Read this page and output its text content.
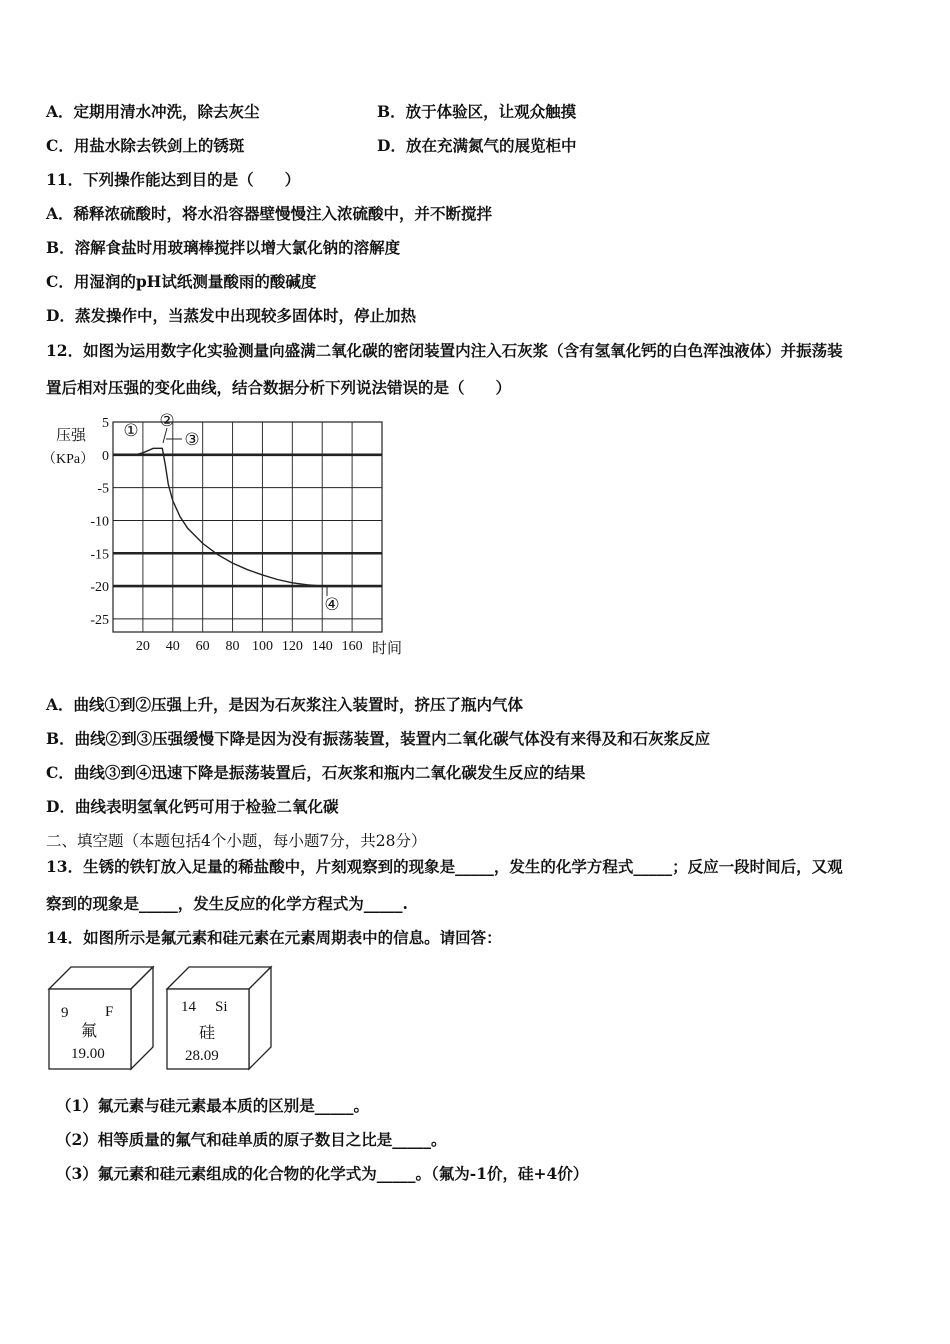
A．定期用清水冲洗，除去灰尘	B．放于体验区，让观众触摸
C．用盐水除去铁剑上的锈斑	D．放在充满氮气的展览柜中
11．下列操作能达到目的是（　　）
A．稀释浓硫酸时，将水沿容器壁慢慢注入浓硫酸中，并不断搅拌
B．溶解食盐时用玻璃棒搅拌以增大氯化钠的溶解度
C．用湿润的pH试纸测量酸雨的酸碱度
D．蒸发操作中，当蒸发中出现较多固体时，停止加热
12．如图为运用数字化实验测量向盛满二氧化碳的密闭装置内注入石灰浆（含有氢氧化钙的白色浑浊液体）并振荡装
置后相对压强的变化曲线，结合数据分析下列说法错误的是（　　）
20 40 60 80 100 120 140 160
5
0
-5
-10
-15
-20
-25
①
②
③
④
压强
（KPa）
时间
A．曲线①到②压强上升，是因为石灰浆注入装置时，挤压了瓶内气体
B．曲线②到③压强缓慢下降是因为没有振荡装置，装置内二氧化碳气体没有来得及和石灰浆反应
C．曲线③到④迅速下降是振荡装置后，石灰浆和瓶内二氧化碳发生反应的结果
D．曲线表明氢氧化钙可用于检验二氧化碳
二、填空题（本题包括4个小题，每小题7分，共28分）
13．生锈的铁钉放入足量的稀盐酸中，片刻观察到的现象是_____，发生的化学方程式_____；反应一段时间后，又观
察到的现象是_____，发生反应的化学方程式为_____.
14．如图所示是氟元素和硅元素在元素周期表中的信息。请回答：
9 F
氟
19.00
14 Si
硅
28.09
（1）氟元素与硅元素最本质的区别是_____。
（2）相等质量的氟气和硅单质的原子数目之比是_____。
（3）氟元素和硅元素组成的化合物的化学式为_____。（氟为-1价，硅+4价）
